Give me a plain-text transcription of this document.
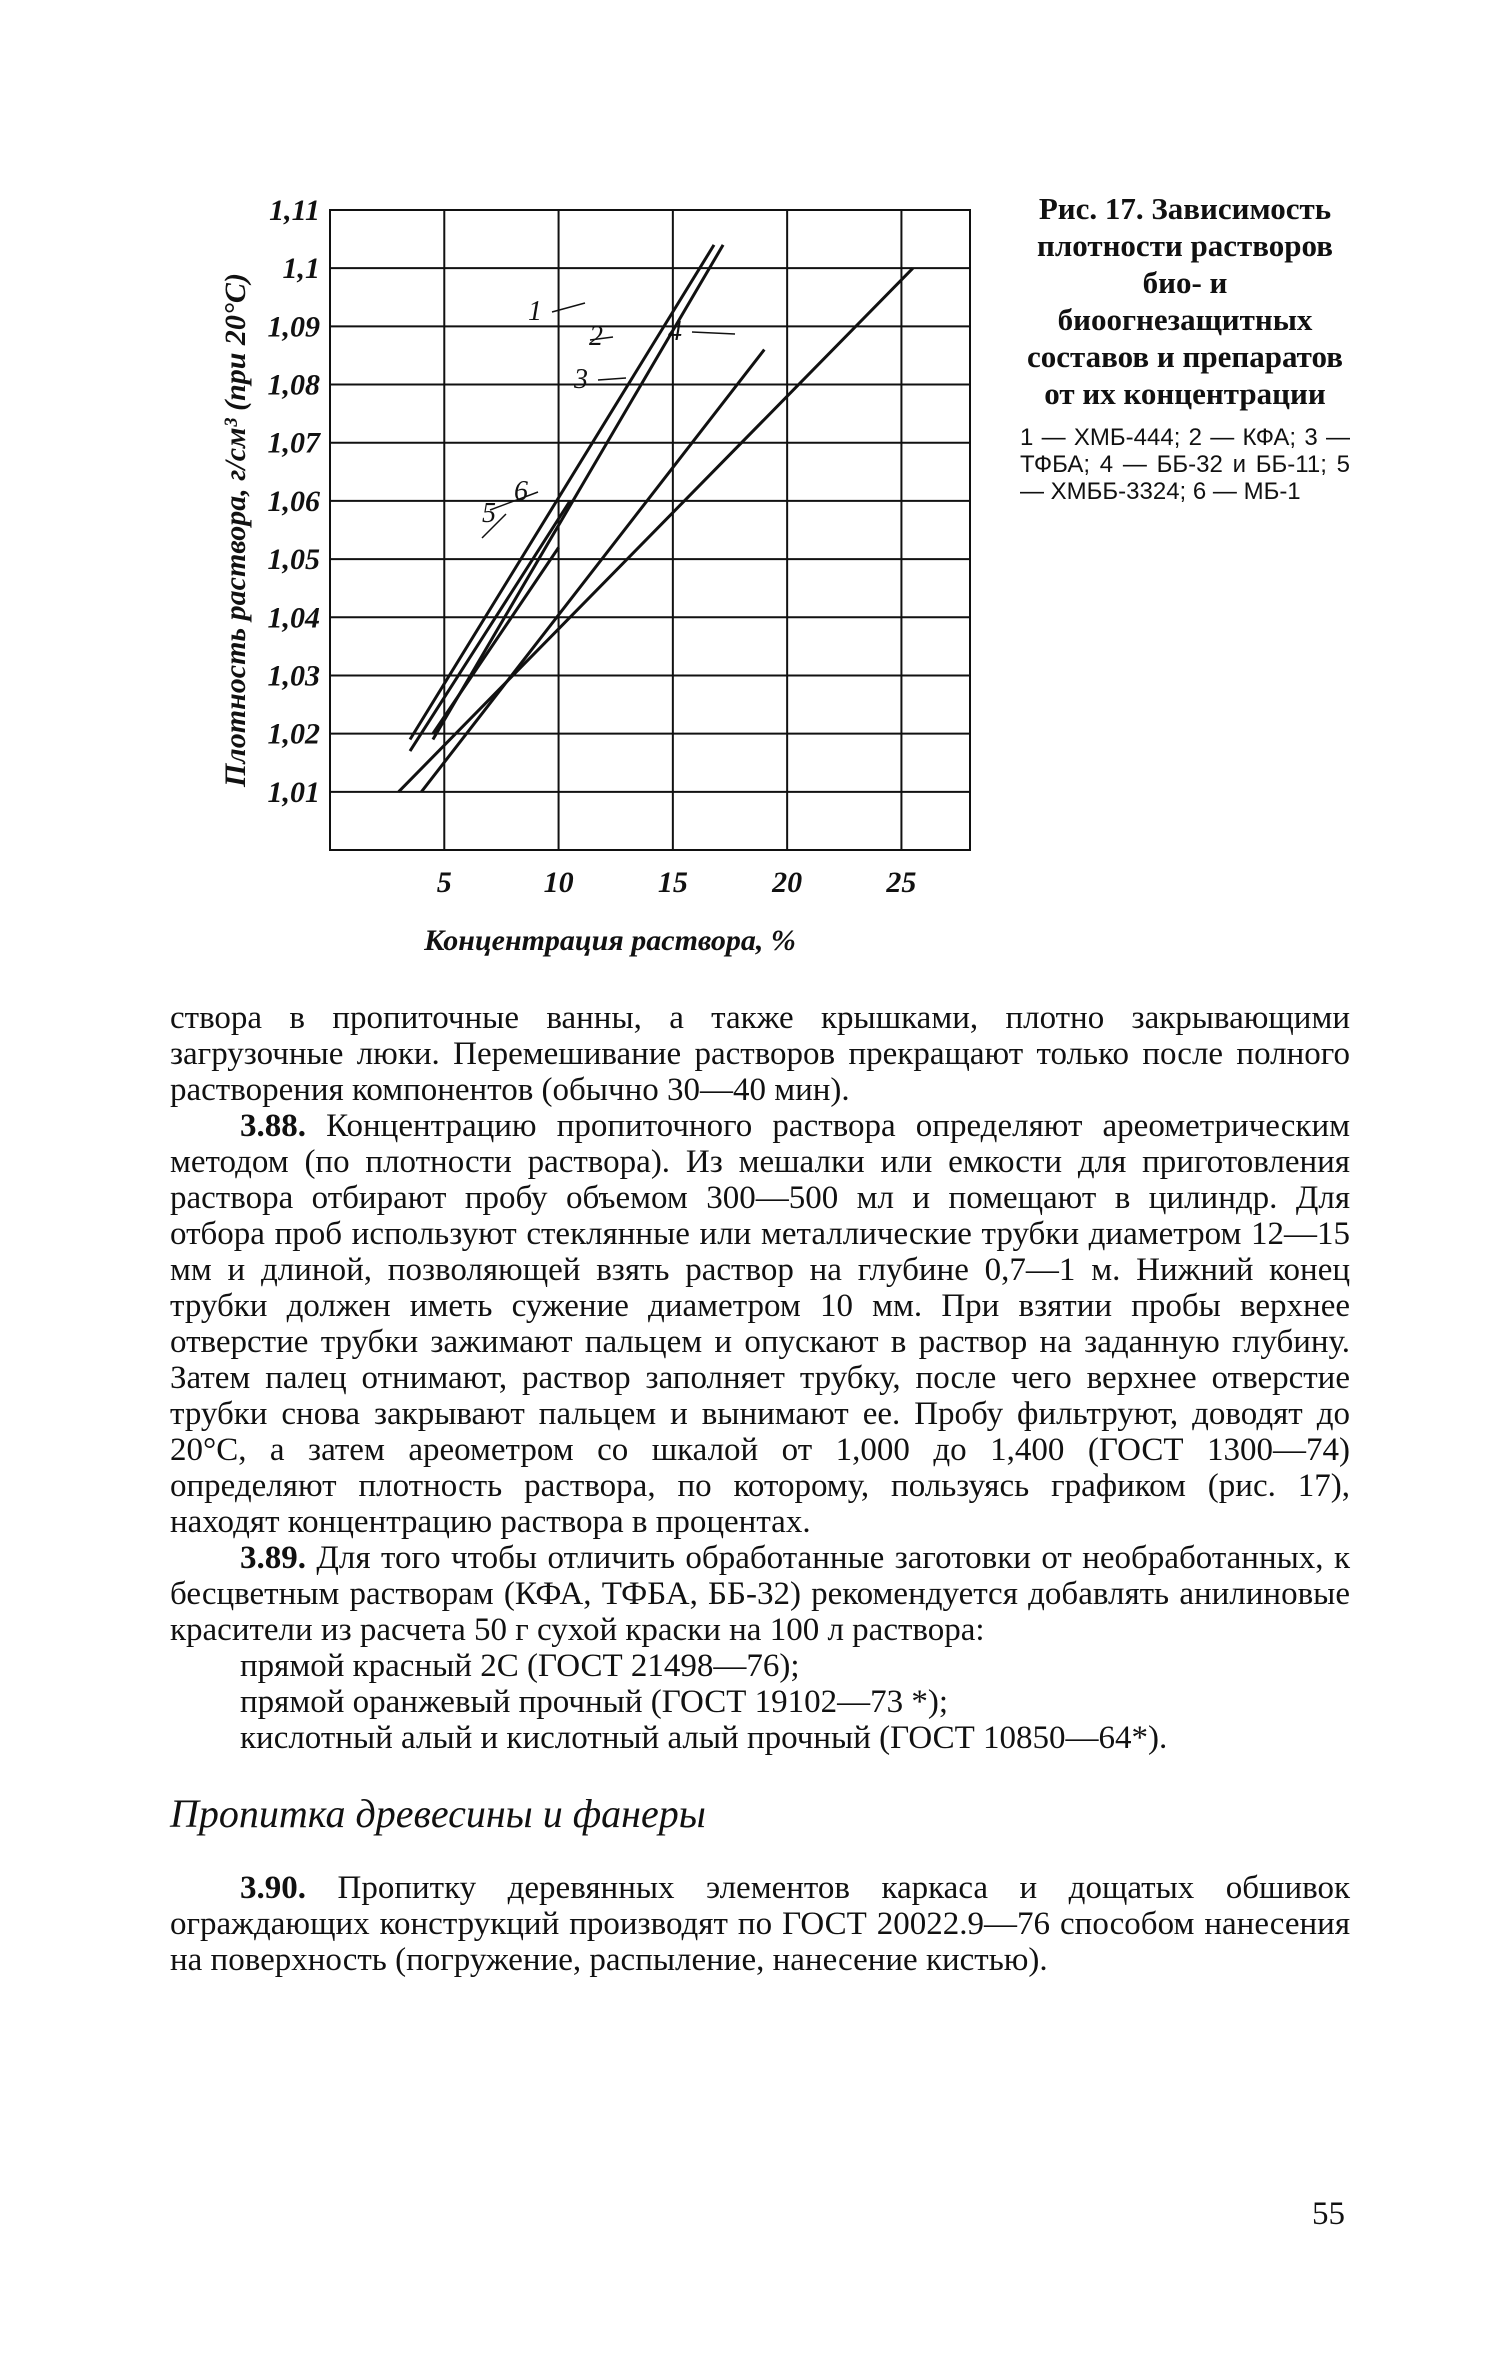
1,11
1,1
1,09
1,08
1,07
1,06
1,05
1,04
1,03
1,02
1,01
5	10	15	20	25
1
2
3
4
5
6
Концентрация раствора, %
Плотность раствора, г/см³ (при 20°С)

Рис. 17. Зависимость плотности растворов био- и биоогнезащитных составов и препаратов от их концентрации

1 — ХМБ-444; 2 — КФА; 3 — ТФБА; 4 — ББ-32 и ББ-11; 5 — ХМББ-3324; 6 — МБ-1

створа в пропиточные ванны, а также крышками, плотно закрывающими загрузочные люки. Перемешивание растворов прекращают только после полного растворения компонентов (обычно 30—40 мин).

3.88. Концентрацию пропиточного раствора определяют ареометрическим методом (по плотности раствора). Из мешалки или емкости для приготовления раствора отбирают пробу объемом 300—500 мл и помещают в цилиндр. Для отбора проб используют стеклянные или металлические трубки диаметром 12—15 мм и длиной, позволяющей взять раствор на глубине 0,7—1 м. Нижний конец трубки должен иметь сужение диаметром 10 мм. При взятии пробы верхнее отверстие трубки зажимают пальцем и опускают в раствор на заданную глубину. Затем палец отнимают, раствор заполняет трубку, после чего верхнее отверстие трубки снова закрывают пальцем и вынимают ее. Пробу фильтруют, доводят до 20°С, а затем ареометром со шкалой от 1,000 до 1,400 (ГОСТ 1300—74) определяют плотность раствора, по которому, пользуясь графиком (рис. 17), находят концентрацию раствора в процентах.

3.89. Для того чтобы отличить обработанные заготовки от необработанных, к бесцветным растворам (КФА, ТФБА, ББ-32) рекомендуется добавлять анилиновые красители из расчета 50 г сухой краски на 100 л раствора:

прямой красный 2С (ГОСТ 21498—76);

прямой оранжевый прочный (ГОСТ 19102—73 *);

кислотный алый и кислотный алый прочный (ГОСТ 10850—64*).

Пропитка древесины и фанеры

3.90. Пропитку деревянных элементов каркаса и дощатых обшивок ограждающих конструкций производят по ГОСТ 20022.9—76 способом нанесения на поверхность (погружение, распыление, нанесение кистью).

55
